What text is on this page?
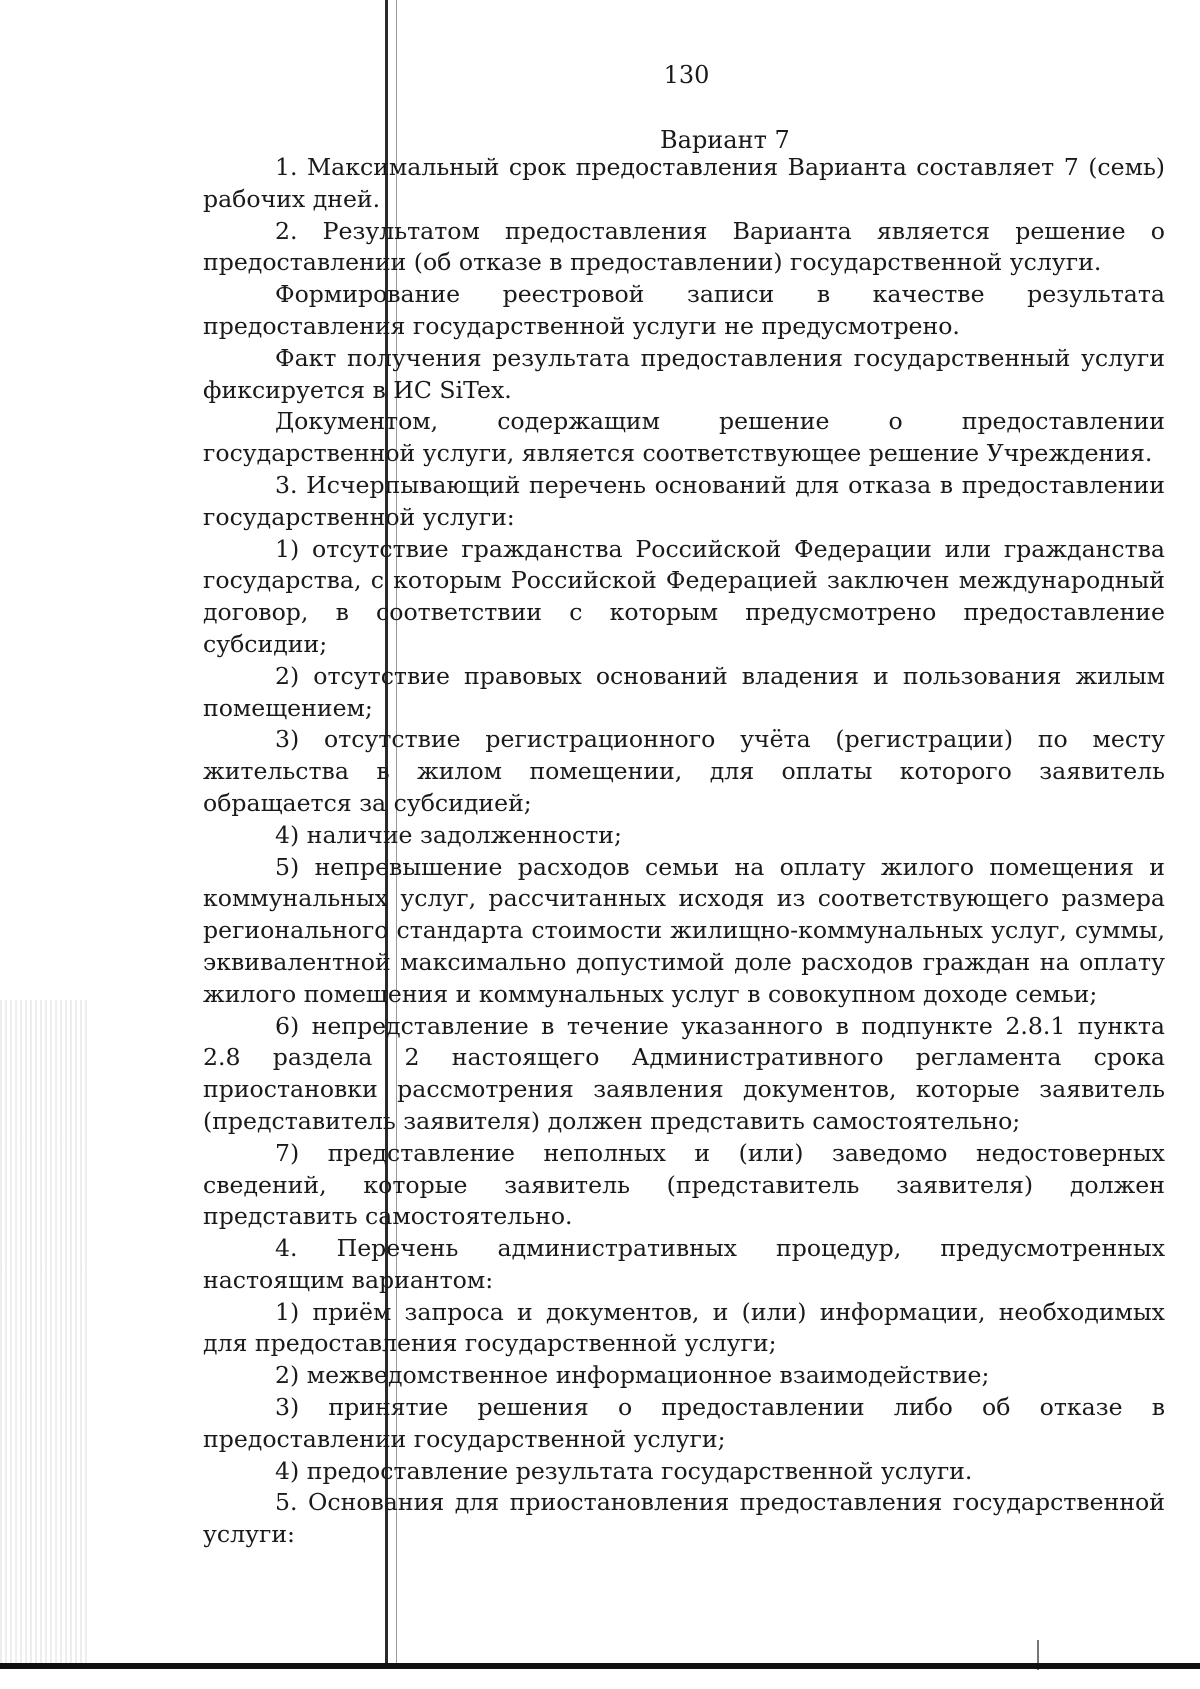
130
Вариант 7

1. Максимальный срок предоставления Варианта составляет 7 (семь) рабочих дней.

2. Результатом предоставления Варианта является решение о предоставлении (об отказе в предоставлении) государственной услуги.

Формирование реестровой записи в качестве результата предоставления государственной услуги не предусмотрено.

Факт получения результата предоставления государственный услуги фиксируется в ИС SiTex.

Документом, содержащим решение о предоставлении государственной услуги, является соответствующее решение Учреждения.

3. Исчерпывающий перечень оснований для отказа в предоставлении государственной услуги:

1) отсутствие гражданства Российской Федерации или гражданства государства, с которым Российской Федерацией заключен международный договор, в соответствии с которым предусмотрено предоставление субсидии;

2) отсутствие правовых оснований владения и пользования жилым помещением;

3) отсутствие регистрационного учёта (регистрации) по месту жительства в жилом помещении, для оплаты которого заявитель обращается за субсидией;

4) наличие задолженности;

5) непревышение расходов семьи на оплату жилого помещения и коммунальных услуг, рассчитанных исходя из соответствующего размера регионального стандарта стоимости жилищно-коммунальных услуг, суммы, эквивалентной максимально допустимой доле расходов граждан на оплату жилого помещения и коммунальных услуг в совокупном доходе семьи;

6) непредставление в течение указанного в подпункте 2.8.1 пункта 2.8 раздела 2 настоящего Административного регламента срока приостановки рассмотрения заявления документов, которые заявитель (представитель заявителя) должен представить самостоятельно;

7) представление неполных и (или) заведомо недостоверных сведений, которые заявитель (представитель заявителя) должен представить самостоятельно.

4. Перечень административных процедур, предусмотренных настоящим вариантом:

1) приём запроса и документов, и (или) информации, необходимых для предоставления государственной услуги;

2) межведомственное информационное взаимодействие;

3) принятие решения о предоставлении либо об отказе в предоставлении государственной услуги;

4) предоставление результата государственной услуги.

5. Основания для приостановления предоставления государственной услуги:
